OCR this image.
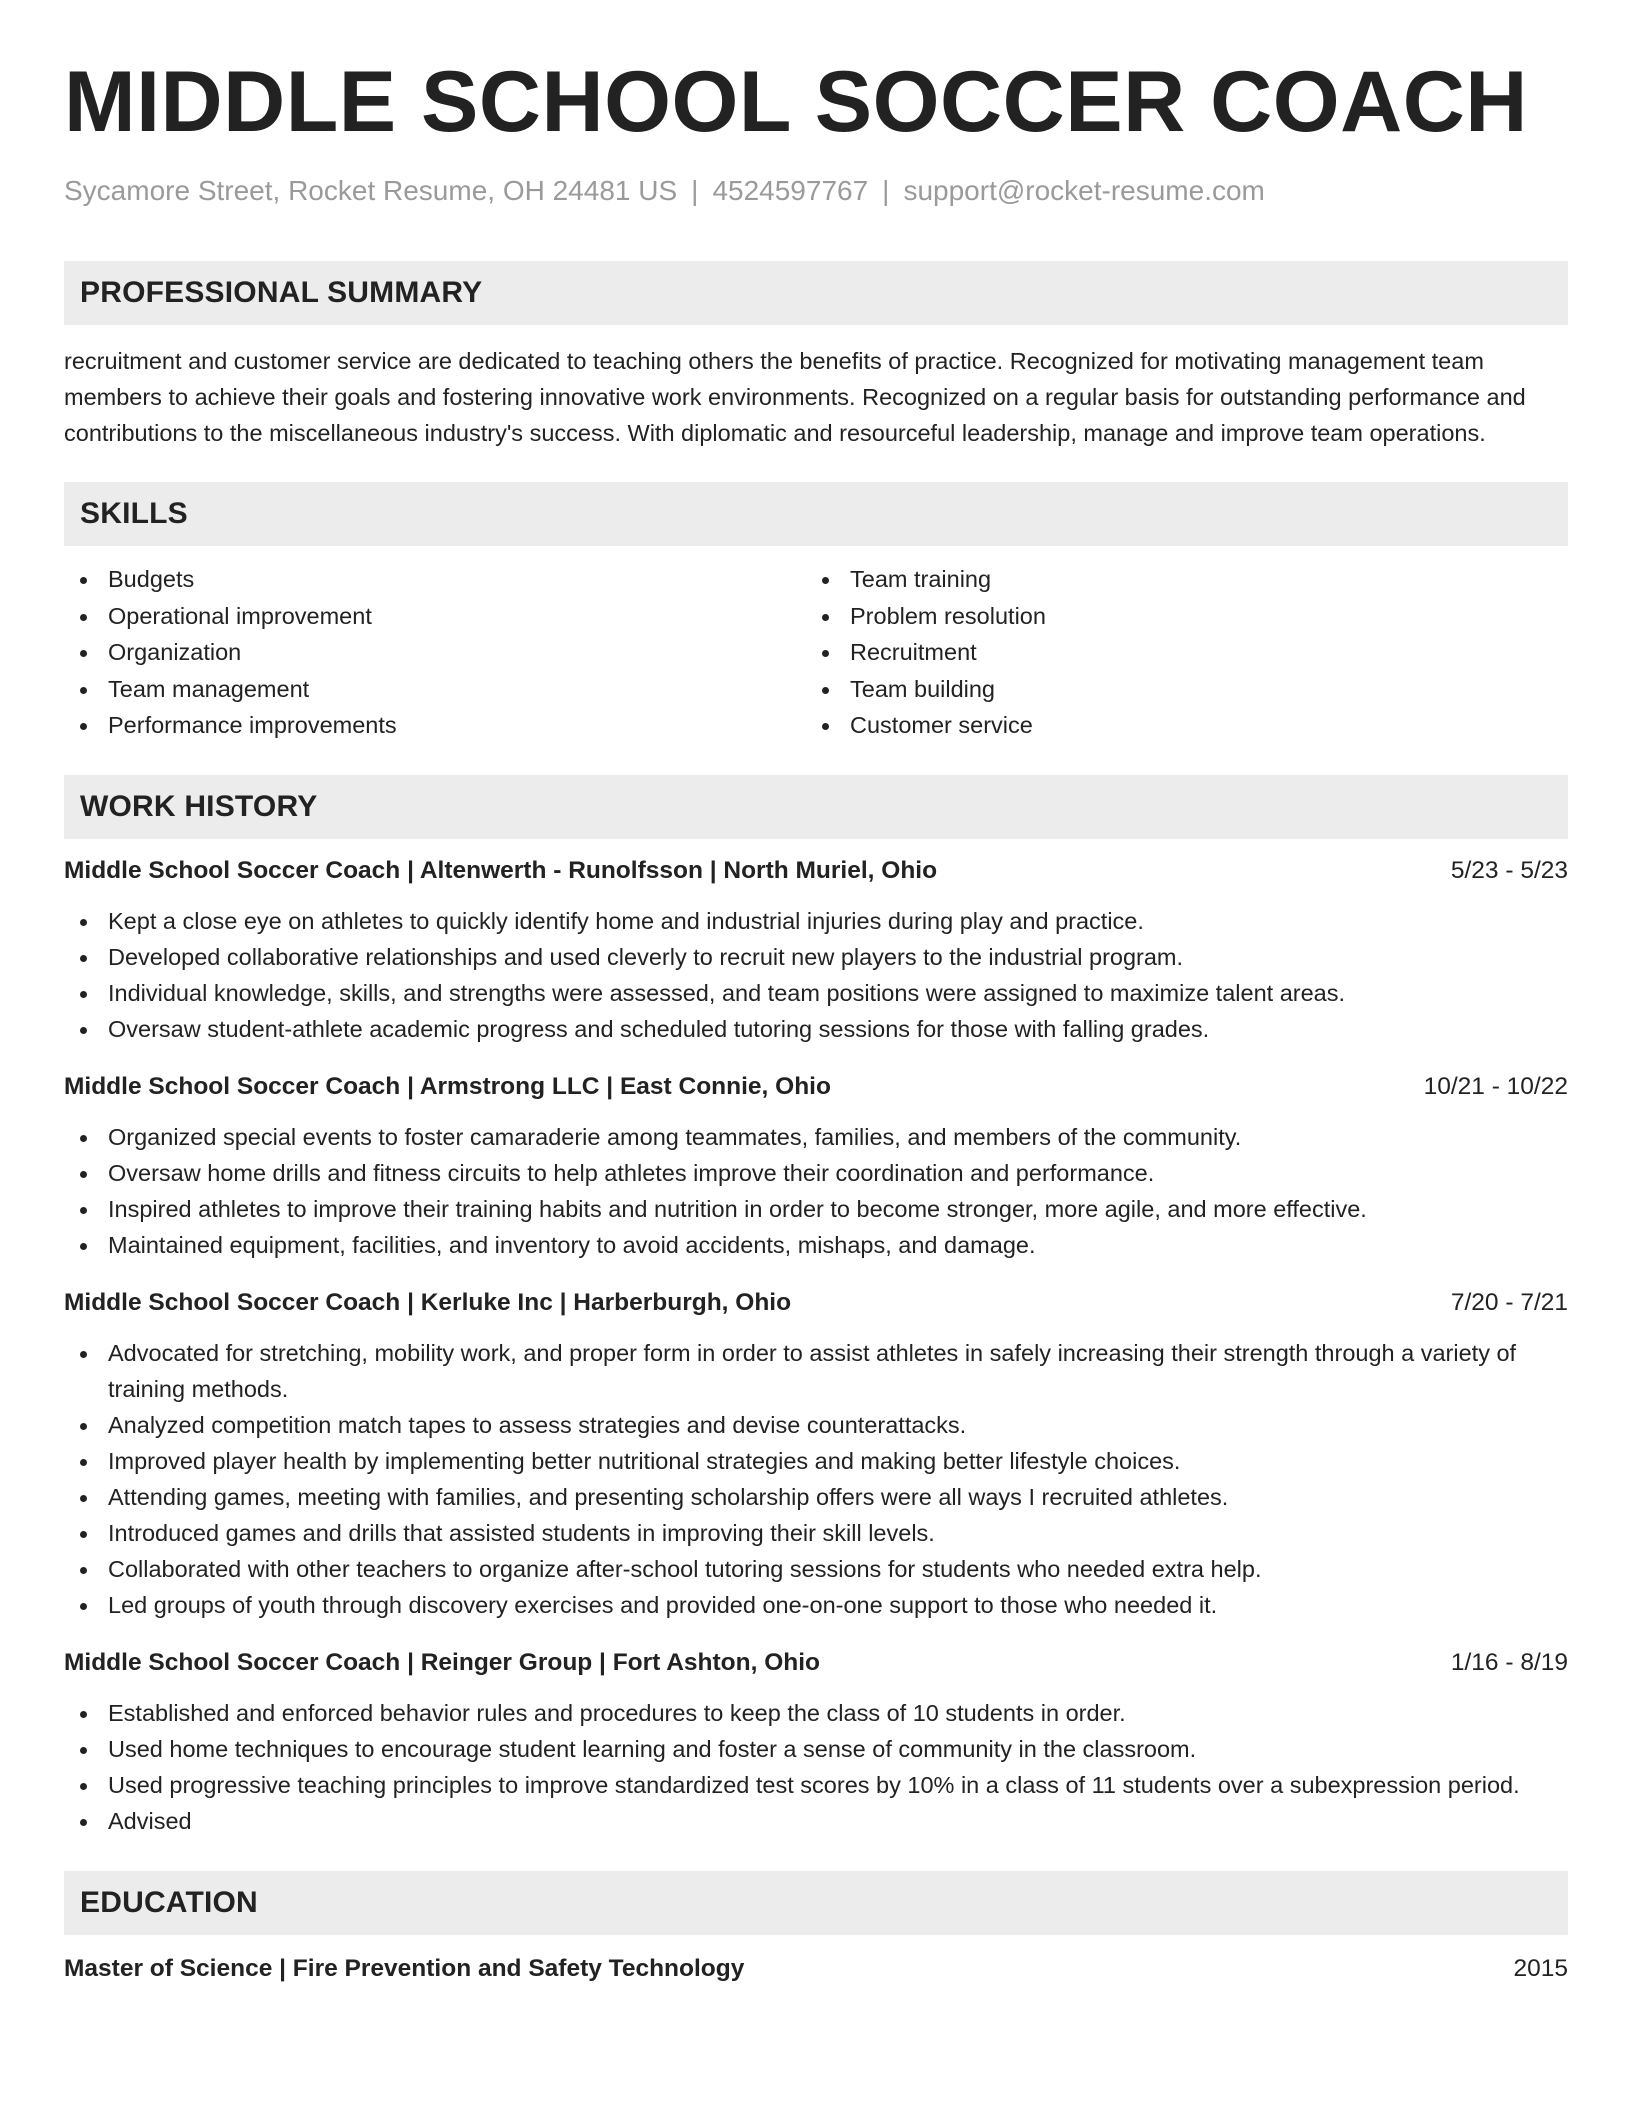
MIDDLE SCHOOL SOCCER COACH
Sycamore Street, Rocket Resume, OH 24481 US | 4524597767 | support@rocket-resume.com
PROFESSIONAL SUMMARY
recruitment and customer service are dedicated to teaching others the benefits of practice. Recognized for motivating management team members to achieve their goals and fostering innovative work environments. Recognized on a regular basis for outstanding performance and contributions to the miscellaneous industry's success. With diplomatic and resourceful leadership, manage and improve team operations.
SKILLS
Budgets
Operational improvement
Organization
Team management
Performance improvements
Team training
Problem resolution
Recruitment
Team building
Customer service
WORK HISTORY
Middle School Soccer Coach | Altenwerth - Runolfsson | North Muriel, Ohio	5/23 - 5/23
Kept a close eye on athletes to quickly identify home and industrial injuries during play and practice.
Developed collaborative relationships and used cleverly to recruit new players to the industrial program.
Individual knowledge, skills, and strengths were assessed, and team positions were assigned to maximize talent areas.
Oversaw student-athlete academic progress and scheduled tutoring sessions for those with falling grades.
Middle School Soccer Coach | Armstrong LLC | East Connie, Ohio	10/21 - 10/22
Organized special events to foster camaraderie among teammates, families, and members of the community.
Oversaw home drills and fitness circuits to help athletes improve their coordination and performance.
Inspired athletes to improve their training habits and nutrition in order to become stronger, more agile, and more effective.
Maintained equipment, facilities, and inventory to avoid accidents, mishaps, and damage.
Middle School Soccer Coach | Kerluke Inc | Harberburgh, Ohio	7/20 - 7/21
Advocated for stretching, mobility work, and proper form in order to assist athletes in safely increasing their strength through a variety of training methods.
Analyzed competition match tapes to assess strategies and devise counterattacks.
Improved player health by implementing better nutritional strategies and making better lifestyle choices.
Attending games, meeting with families, and presenting scholarship offers were all ways I recruited athletes.
Introduced games and drills that assisted students in improving their skill levels.
Collaborated with other teachers to organize after-school tutoring sessions for students who needed extra help.
Led groups of youth through discovery exercises and provided one-on-one support to those who needed it.
Middle School Soccer Coach | Reinger Group | Fort Ashton, Ohio	1/16 - 8/19
Established and enforced behavior rules and procedures to keep the class of 10 students in order.
Used home techniques to encourage student learning and foster a sense of community in the classroom.
Used progressive teaching principles to improve standardized test scores by 10% in a class of 11 students over a subexpression period.
Advised
EDUCATION
Master of Science | Fire Prevention and Safety Technology	2015
